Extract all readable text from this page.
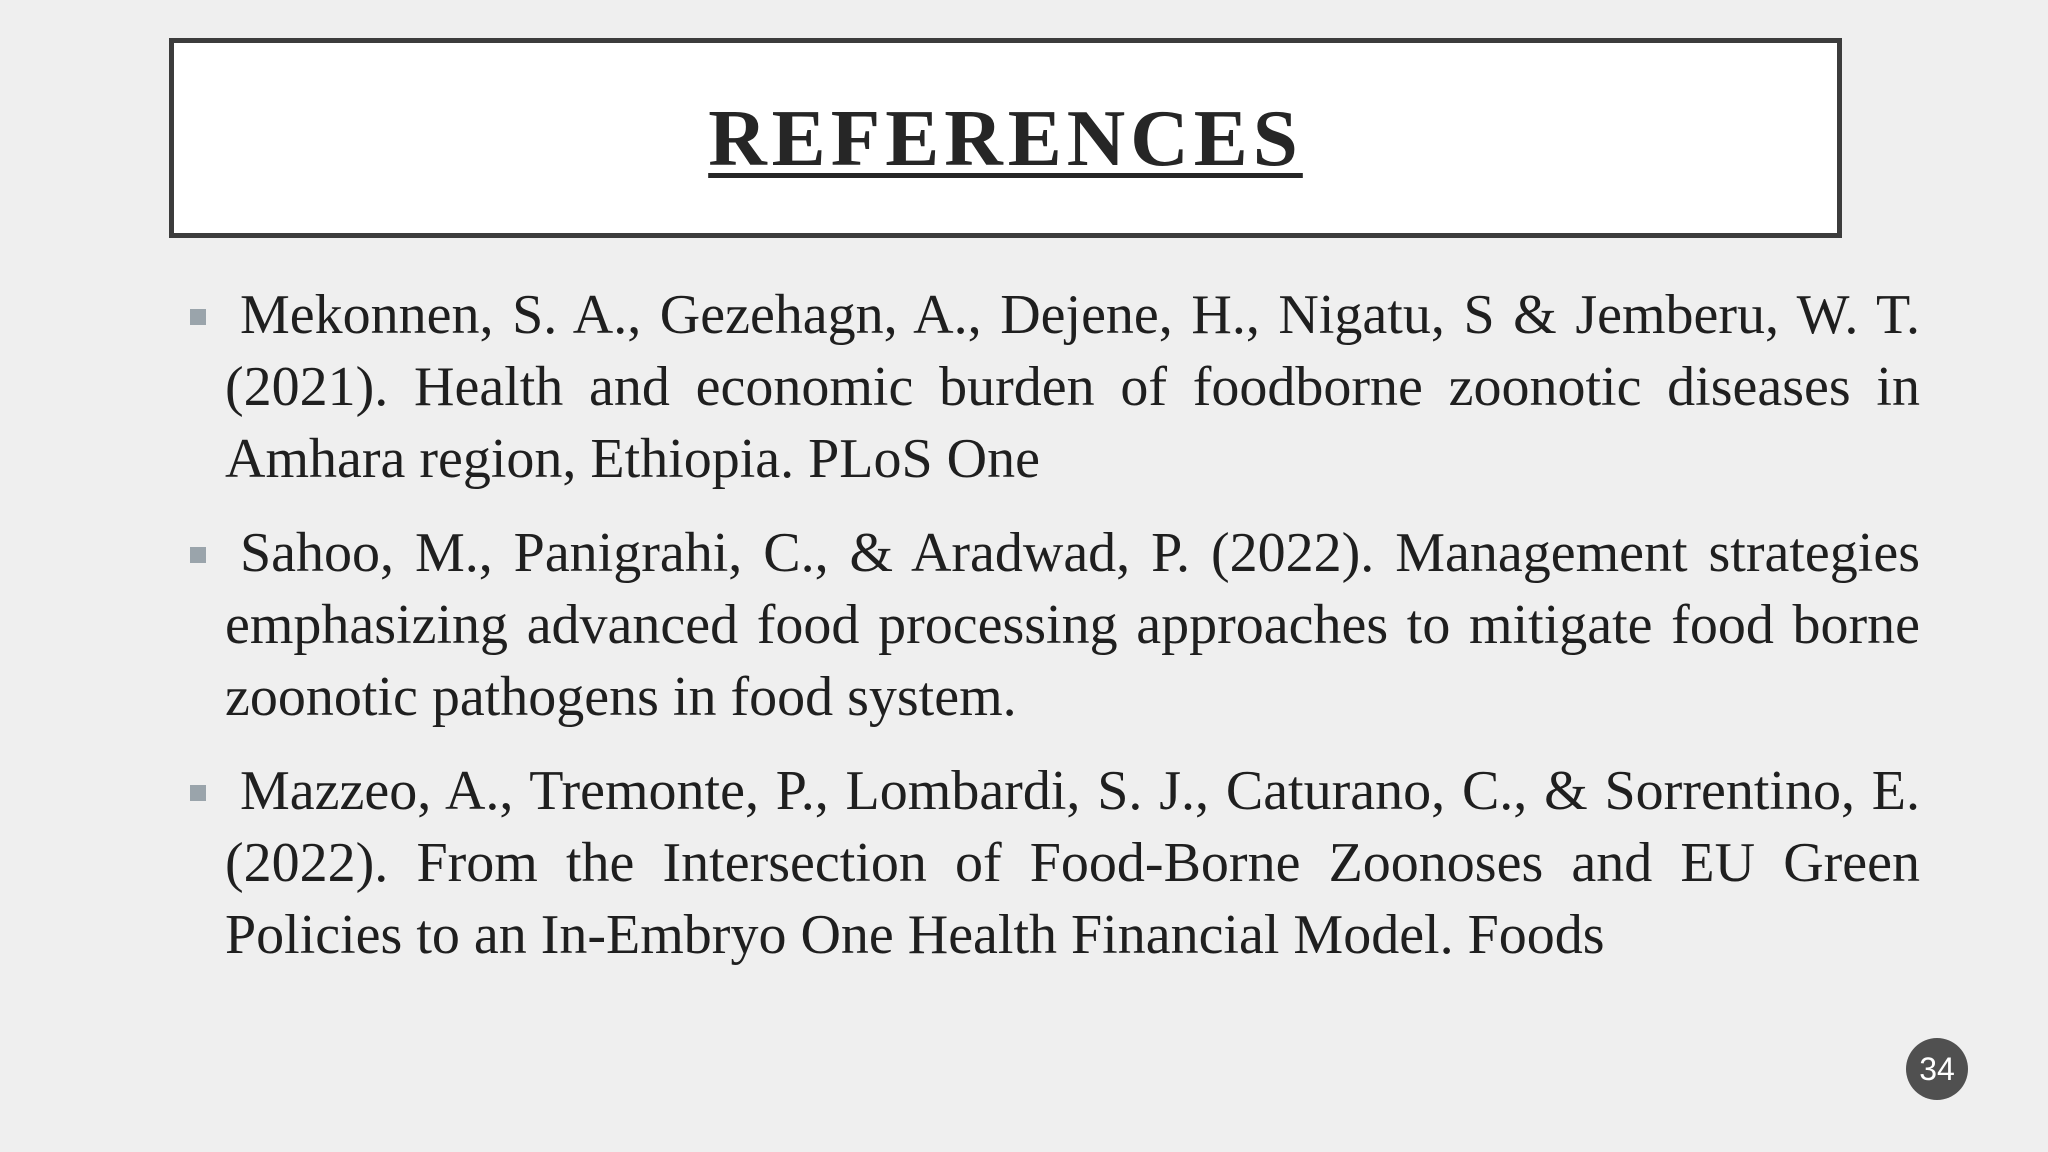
REFERENCES
Mekonnen, S. A., Gezehagn, A., Dejene, H., Nigatu, S & Jemberu, W. T. (2021). Health and economic burden of foodborne zoonotic diseases in Amhara region, Ethiopia. PLoS One
Sahoo, M., Panigrahi, C., & Aradwad, P. (2022). Management strategies emphasizing advanced food processing approaches to mitigate food borne zoonotic pathogens in food system.
Mazzeo, A., Tremonte, P., Lombardi, S. J., Caturano, C., & Sorrentino, E. (2022). From the Intersection of Food-Borne Zoonoses and EU Green Policies to an In-Embryo One Health Financial Model. Foods
34
